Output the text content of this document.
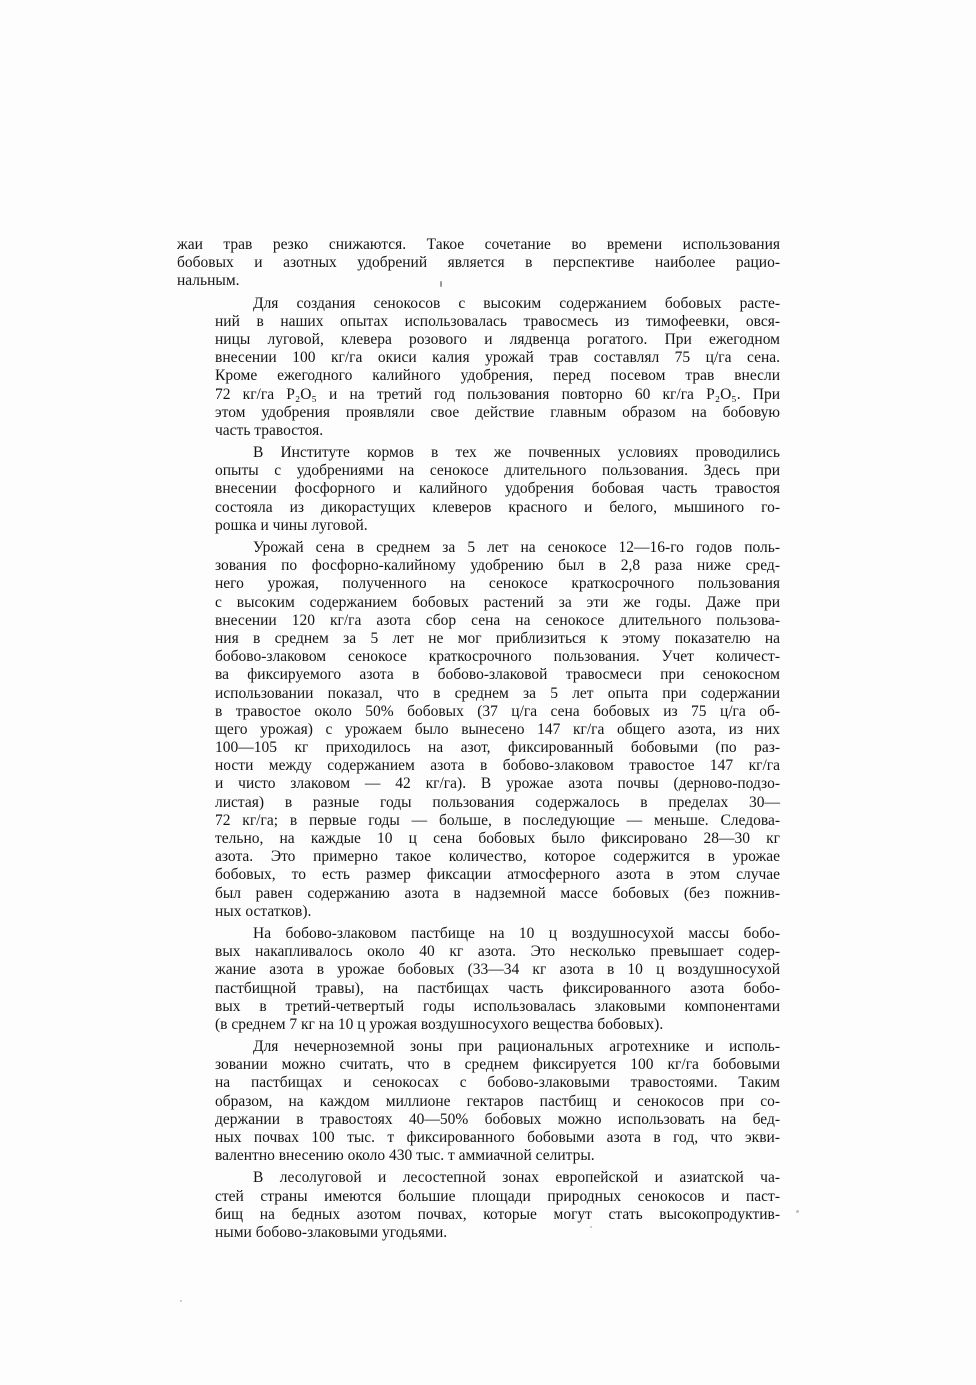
жаи трав резко снижаются. Такое сочетание во времени использования
бобовых и азотных удобрений является в перспективе наиболее рацио-
нальным.
Для создания сенокосов с высоким содержанием бобовых расте-
ний в наших опытах использовалась травосмесь из тимофеевки, овся-
ницы луговой, клевера розового и лядвенца рогатого. При ежегодном
внесении 100 кг/га окиси калия урожай трав составлял 75 ц/га сена.
Кроме ежегодного калийного удобрения, перед посевом трав внесли
72 кг/га P₂O₅ и на третий год пользования повторно 60 кг/га P₂O₅. При
этом удобрения проявляли свое действие главным образом на бобовую
часть травостоя.
В Институте кормов в тех же почвенных условиях проводились
опыты с удобрениями на сенокосе длительного пользования. Здесь при
внесении фосфорного и калийного удобрения бобовая часть травостоя
состояла из дикорастущих клеверов красного и белого, мышиного го-
рошка и чины луговой.
Урожай сена в среднем за 5 лет на сенокосе 12—16-го годов поль-
зования по фосфорно-калийному удобрению был в 2,8 раза ниже сред-
него урожая, полученного на сенокосе краткосрочного пользования
с высоким содержанием бобовых растений за эти же годы. Даже при
внесении 120 кг/га азота сбор сена на сенокосе длительного пользова-
ния в среднем за 5 лет не мог приблизиться к этому показателю на
бобово-злаковом сенокосе краткосрочного пользования. Учет количест-
ва фиксируемого азота в бобово-злаковой травосмеси при сенокосном
использовании показал, что в среднем за 5 лет опыта при содержании
в травостое около 50% бобовых (37 ц/га сена бобовых из 75 ц/га об-
щего урожая) с урожаем было вынесено 147 кг/га общего азота, из них
100—105 кг приходилось на азот, фиксированный бобовыми (по раз-
ности между содержанием азота в бобово-злаковом травостое 147 кг/га
и чисто злаковом — 42 кг/га). В урожае азота почвы (дерново-подзо-
листая) в разные годы пользования содержалось в пределах 30—
72 кг/га; в первые годы — больше, в последующие — меньше. Следова-
тельно, на каждые 10 ц сена бобовых было фиксировано 28—30 кг
азота. Это примерно такое количество, которое содержится в урожае
бобовых, то есть размер фиксации атмосферного азота в этом случае
был равен содержанию азота в надземной массе бобовых (без пожнив-
ных остатков).
На бобово-злаковом пастбище на 10 ц воздушносухой массы бобо-
вых накапливалось около 40 кг азота. Это несколько превышает содер-
жание азота в урожае бобовых (33—34 кг азота в 10 ц воздушносухой
пастбищной травы), на пастбищах часть фиксированного азота бобо-
вых в третий-четвертый годы использовалась злаковыми компонентами
(в среднем 7 кг на 10 ц урожая воздушносухого вещества бобовых).
Для нечерноземной зоны при рациональных агротехнике и исполь-
зовании можно считать, что в среднем фиксируется 100 кг/га бобовыми
на пастбищах и сенокосах с бобово-злаковыми травостоями. Таким
образом, на каждом миллионе гектаров пастбищ и сенокосов при со-
держании в травостоях 40—50% бобовых можно использовать на бед-
ных почвах 100 тыс. т фиксированного бобовыми азота в год, что экви-
валентно внесению около 430 тыс. т аммиачной селитры.
В лесолуговой и лесостепной зонах европейской и азиатской ча-
стей страны имеются большие площади природных сенокосов и паст-
бищ на бедных азотом почвах, которые могут стать высокопродуктив-
ными бобово-злаковыми угодьями.
